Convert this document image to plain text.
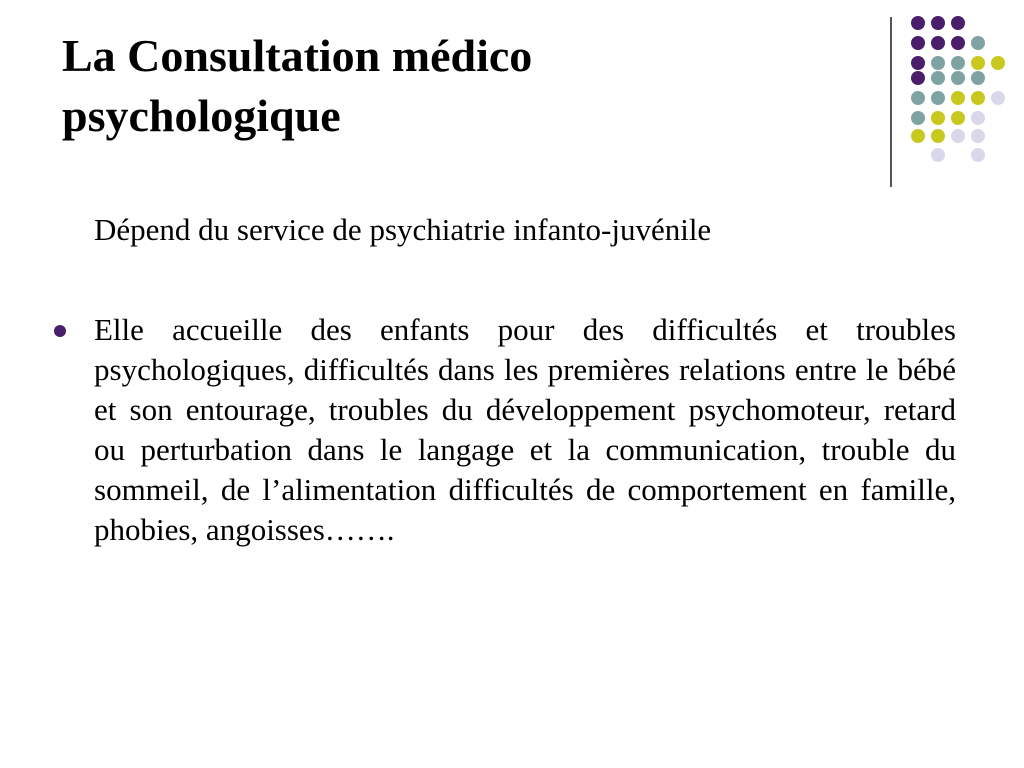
La Consultation médico
psychologique

Dépend du service de psychiatrie infanto-juvénile

Elle accueille des enfants pour des difficultés et troubles psychologiques, difficultés dans les premières relations entre le bébé et son entourage, troubles du développement psychomoteur, retard ou perturbation dans le langage et la communication, trouble du sommeil, de l’alimentation difficultés de comportement en famille, phobies, angoisses…….
